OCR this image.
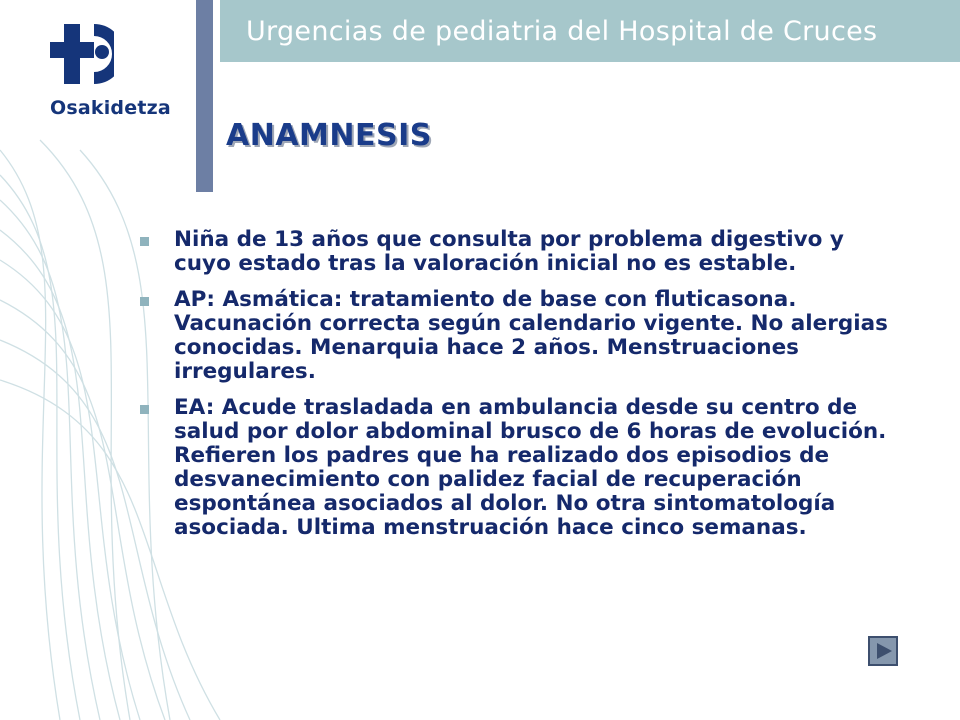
Osakidetza
Urgencias de pediatria del Hospital de Cruces
ANAMNESIS
Niña de 13 años que consulta por problema digestivo y cuyo estado tras la valoración inicial no es estable.
AP: Asmática: tratamiento de base con fluticasona. Vacunación correcta según calendario vigente. No alergias conocidas. Menarquia hace 2 años. Menstruaciones irregulares.
EA: Acude trasladada en ambulancia desde su centro de salud por dolor abdominal brusco de 6 horas de evolución. Refieren los padres que ha realizado dos episodios de desvanecimiento con palidez facial de recuperación espontánea asociados al dolor. No otra sintomatología asociada. Ultima menstruación hace cinco semanas.
